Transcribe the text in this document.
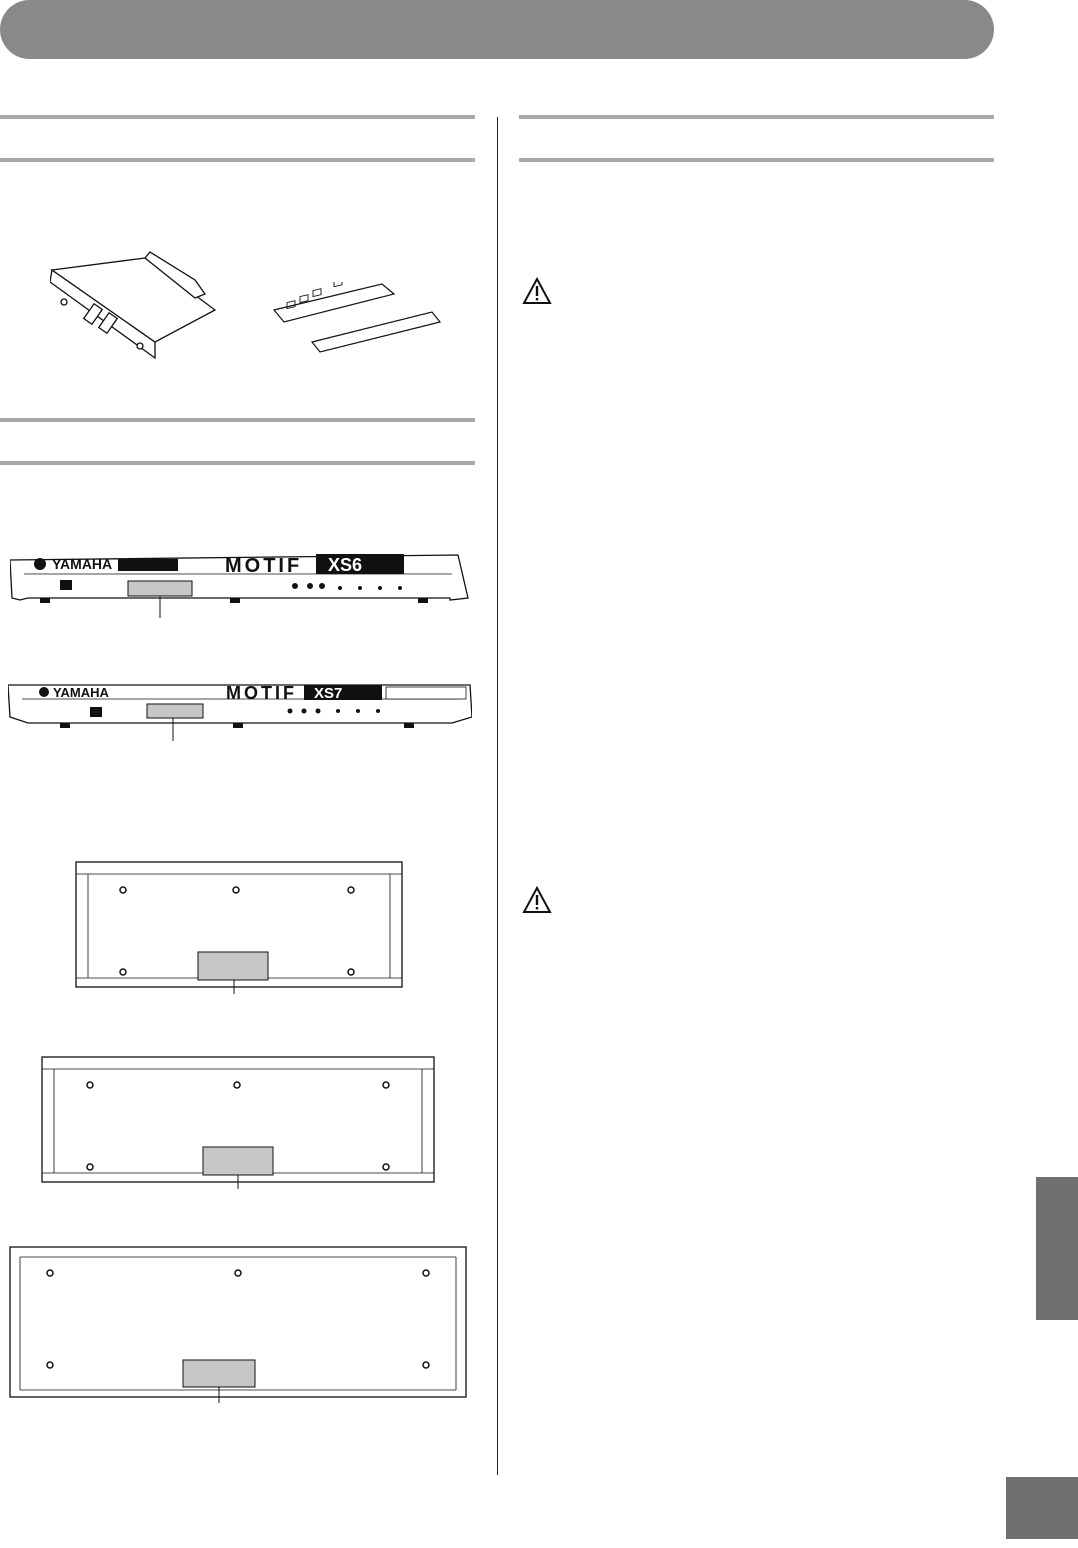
YAMAHA	MOTIF XS6
YAMAHA	MOTIF XS7
